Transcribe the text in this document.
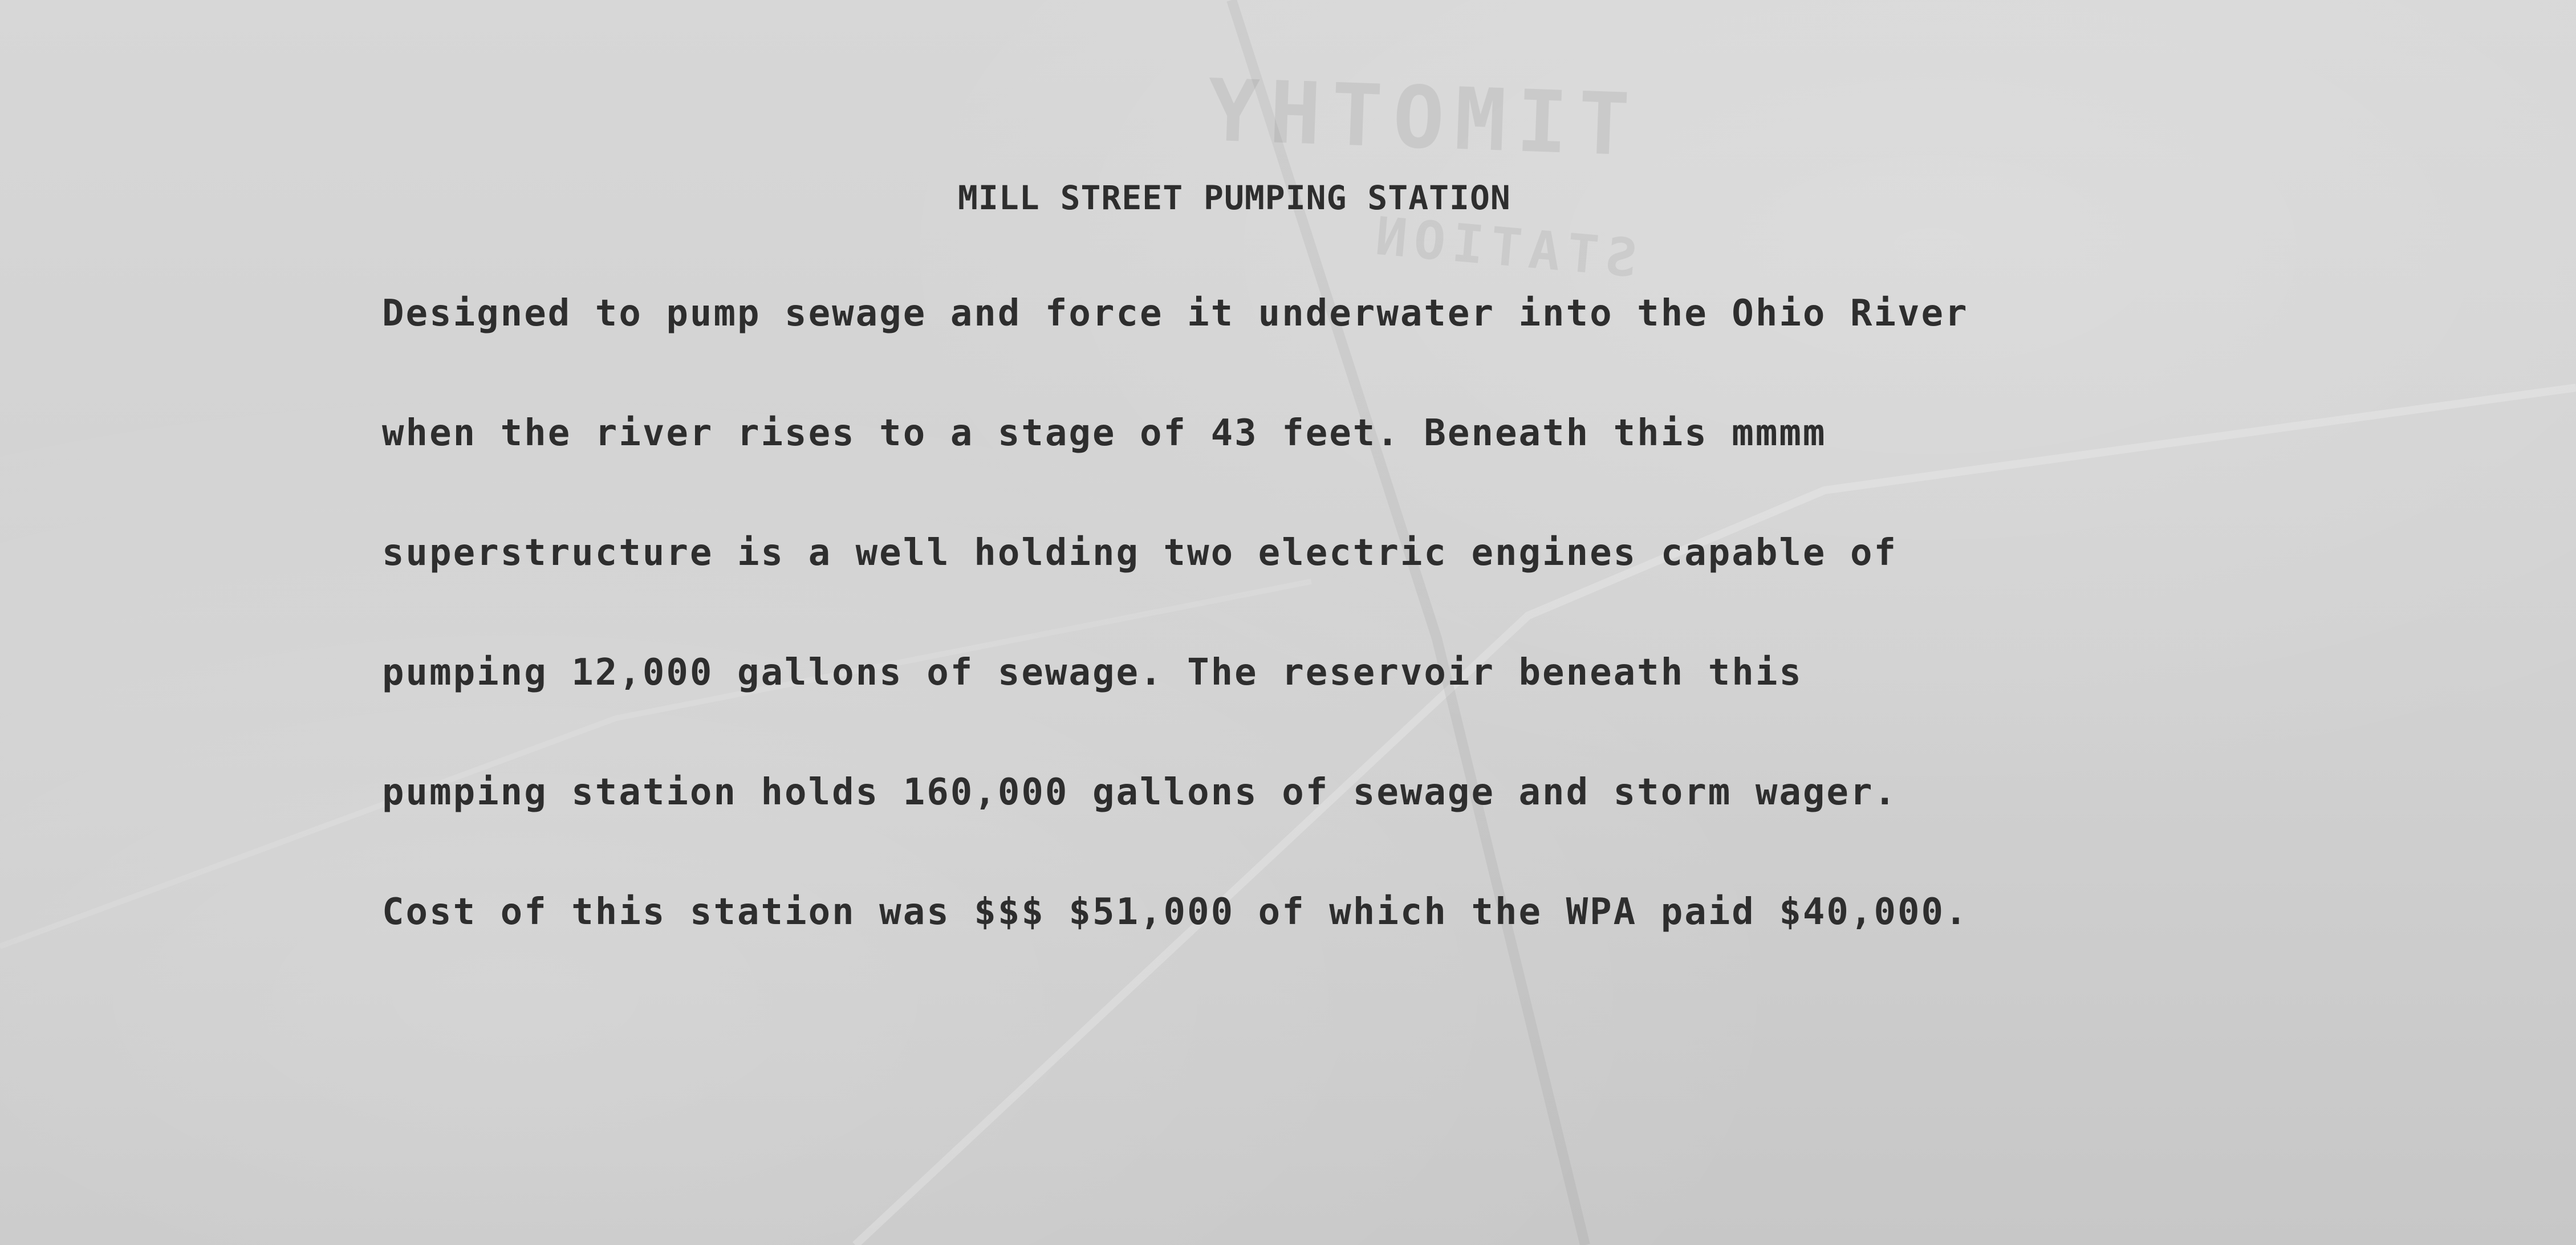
TIMOTHY
STATION
MILL STREET PUMPING STATION
Designed to pump sewage and force it underwater into the Ohio River
when the river rises to a stage of 43 feet. Beneath this mmmm
superstructure is a well holding two electric engines capable of
pumping 12,000 gallons of sewage. The reservoir beneath this
pumping station holds 160,000 gallons of sewage and storm wager.
Cost of this station was $$$ $51,000 of which the WPA paid $40,000.
